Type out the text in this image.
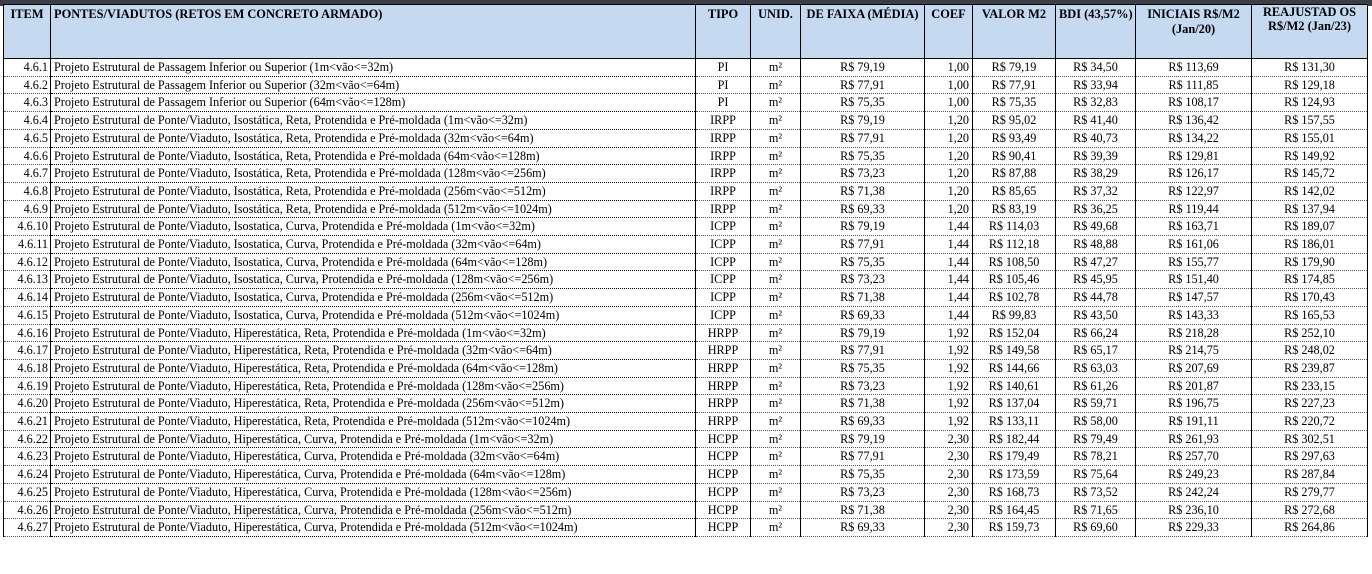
ITEM	PONTES/VIADUTOS (RETOS EM CONCRETO ARMADO)	TIPO	UNID.	DE FAIXA (MÉDIA)	COEF	VALOR M2	BDI (43,57%)	INICIAIS R$/M2 (Jan/20)	REAJUSTAD OS R$/M2 (Jan/23)
4.6.1	Projeto Estrutural de Passagem Inferior ou Superior (1m<vão<=32m)	PI	m²	R$ 79,19	1,00	R$ 79,19	R$ 34,50	R$ 113,69	R$ 131,30
4.6.2	Projeto Estrutural de Passagem Inferior ou Superior (32m<vão<=64m)	PI	m²	R$ 77,91	1,00	R$ 77,91	R$ 33,94	R$ 111,85	R$ 129,18
4.6.3	Projeto Estrutural de Passagem Inferior ou Superior (64m<vão<=128m)	PI	m²	R$ 75,35	1,00	R$ 75,35	R$ 32,83	R$ 108,17	R$ 124,93
4.6.4	Projeto Estrutural de Ponte/Viaduto, Isostática, Reta, Protendida e Pré-moldada (1m<vão<=32m)	IRPP	m²	R$ 79,19	1,20	R$ 95,02	R$ 41,40	R$ 136,42	R$ 157,55
4.6.5	Projeto Estrutural de Ponte/Viaduto, Isostática, Reta, Protendida e Pré-moldada (32m<vão<=64m)	IRPP	m²	R$ 77,91	1,20	R$ 93,49	R$ 40,73	R$ 134,22	R$ 155,01
4.6.6	Projeto Estrutural de Ponte/Viaduto, Isostática, Reta, Protendida e Pré-moldada (64m<vão<=128m)	IRPP	m²	R$ 75,35	1,20	R$ 90,41	R$ 39,39	R$ 129,81	R$ 149,92
4.6.7	Projeto Estrutural de Ponte/Viaduto, Isostática, Reta, Protendida e Pré-moldada (128m<vão<=256m)	IRPP	m²	R$ 73,23	1,20	R$ 87,88	R$ 38,29	R$ 126,17	R$ 145,72
4.6.8	Projeto Estrutural de Ponte/Viaduto, Isostática, Reta, Protendida e Pré-moldada (256m<vão<=512m)	IRPP	m²	R$ 71,38	1,20	R$ 85,65	R$ 37,32	R$ 122,97	R$ 142,02
4.6.9	Projeto Estrutural de Ponte/Viaduto, Isostática, Reta, Protendida e Pré-moldada (512m<vão<=1024m)	IRPP	m²	R$ 69,33	1,20	R$ 83,19	R$ 36,25	R$ 119,44	R$ 137,94
4.6.10	Projeto Estrutural de Ponte/Viaduto, Isostatica, Curva, Protendida e Pré-moldada (1m<vão<=32m)	ICPP	m²	R$ 79,19	1,44	R$ 114,03	R$ 49,68	R$ 163,71	R$ 189,07
4.6.11	Projeto Estrutural de Ponte/Viaduto, Isostatica, Curva, Protendida e Pré-moldada (32m<vão<=64m)	ICPP	m²	R$ 77,91	1,44	R$ 112,18	R$ 48,88	R$ 161,06	R$ 186,01
4.6.12	Projeto Estrutural de Ponte/Viaduto, Isostatica, Curva, Protendida e Pré-moldada (64m<vão<=128m)	ICPP	m²	R$ 75,35	1,44	R$ 108,50	R$ 47,27	R$ 155,77	R$ 179,90
4.6.13	Projeto Estrutural de Ponte/Viaduto, Isostatica, Curva, Protendida e Pré-moldada (128m<vão<=256m)	ICPP	m²	R$ 73,23	1,44	R$ 105,46	R$ 45,95	R$ 151,40	R$ 174,85
4.6.14	Projeto Estrutural de Ponte/Viaduto, Isostatica, Curva, Protendida e Pré-moldada (256m<vão<=512m)	ICPP	m²	R$ 71,38	1,44	R$ 102,78	R$ 44,78	R$ 147,57	R$ 170,43
4.6.15	Projeto Estrutural de Ponte/Viaduto, Isostatica, Curva, Protendida e Pré-moldada (512m<vão<=1024m)	ICPP	m²	R$ 69,33	1,44	R$ 99,83	R$ 43,50	R$ 143,33	R$ 165,53
4.6.16	Projeto Estrutural de Ponte/Viaduto, Hiperestática, Reta, Protendida e Pré-moldada (1m<vão<=32m)	HRPP	m²	R$ 79,19	1,92	R$ 152,04	R$ 66,24	R$ 218,28	R$ 252,10
4.6.17	Projeto Estrutural de Ponte/Viaduto, Hiperestática, Reta, Protendida e Pré-moldada (32m<vão<=64m)	HRPP	m²	R$ 77,91	1,92	R$ 149,58	R$ 65,17	R$ 214,75	R$ 248,02
4.6.18	Projeto Estrutural de Ponte/Viaduto, Hiperestática, Reta, Protendida e Pré-moldada (64m<vão<=128m)	HRPP	m²	R$ 75,35	1,92	R$ 144,66	R$ 63,03	R$ 207,69	R$ 239,87
4.6.19	Projeto Estrutural de Ponte/Viaduto, Hiperestática, Reta, Protendida e Pré-moldada (128m<vão<=256m)	HRPP	m²	R$ 73,23	1,92	R$ 140,61	R$ 61,26	R$ 201,87	R$ 233,15
4.6.20	Projeto Estrutural de Ponte/Viaduto, Hiperestática, Reta, Protendida e Pré-moldada (256m<vão<=512m)	HRPP	m²	R$ 71,38	1,92	R$ 137,04	R$ 59,71	R$ 196,75	R$ 227,23
4.6.21	Projeto Estrutural de Ponte/Viaduto, Hiperestática, Reta, Protendida e Pré-moldada (512m<vão<=1024m)	HRPP	m²	R$ 69,33	1,92	R$ 133,11	R$ 58,00	R$ 191,11	R$ 220,72
4.6.22	Projeto Estrutural de Ponte/Viaduto, Hiperestática, Curva, Protendida e Pré-moldada (1m<vão<=32m)	HCPP	m²	R$ 79,19	2,30	R$ 182,44	R$ 79,49	R$ 261,93	R$ 302,51
4.6.23	Projeto Estrutural de Ponte/Viaduto, Hiperestática, Curva, Protendida e Pré-moldada (32m<vão<=64m)	HCPP	m²	R$ 77,91	2,30	R$ 179,49	R$ 78,21	R$ 257,70	R$ 297,63
4.6.24	Projeto Estrutural de Ponte/Viaduto, Hiperestática, Curva, Protendida e Pré-moldada (64m<vão<=128m)	HCPP	m²	R$ 75,35	2,30	R$ 173,59	R$ 75,64	R$ 249,23	R$ 287,84
4.6.25	Projeto Estrutural de Ponte/Viaduto, Hiperestática, Curva, Protendida e Pré-moldada (128m<vão<=256m)	HCPP	m²	R$ 73,23	2,30	R$ 168,73	R$ 73,52	R$ 242,24	R$ 279,77
4.6.26	Projeto Estrutural de Ponte/Viaduto, Hiperestática, Curva, Protendida e Pré-moldada (256m<vão<=512m)	HCPP	m²	R$ 71,38	2,30	R$ 164,45	R$ 71,65	R$ 236,10	R$ 272,68
4.6.27	Projeto Estrutural de Ponte/Viaduto, Hiperestática, Curva, Protendida e Pré-moldada (512m<vão<=1024m)	HCPP	m²	R$ 69,33	2,30	R$ 159,73	R$ 69,60	R$ 229,33	R$ 264,86
